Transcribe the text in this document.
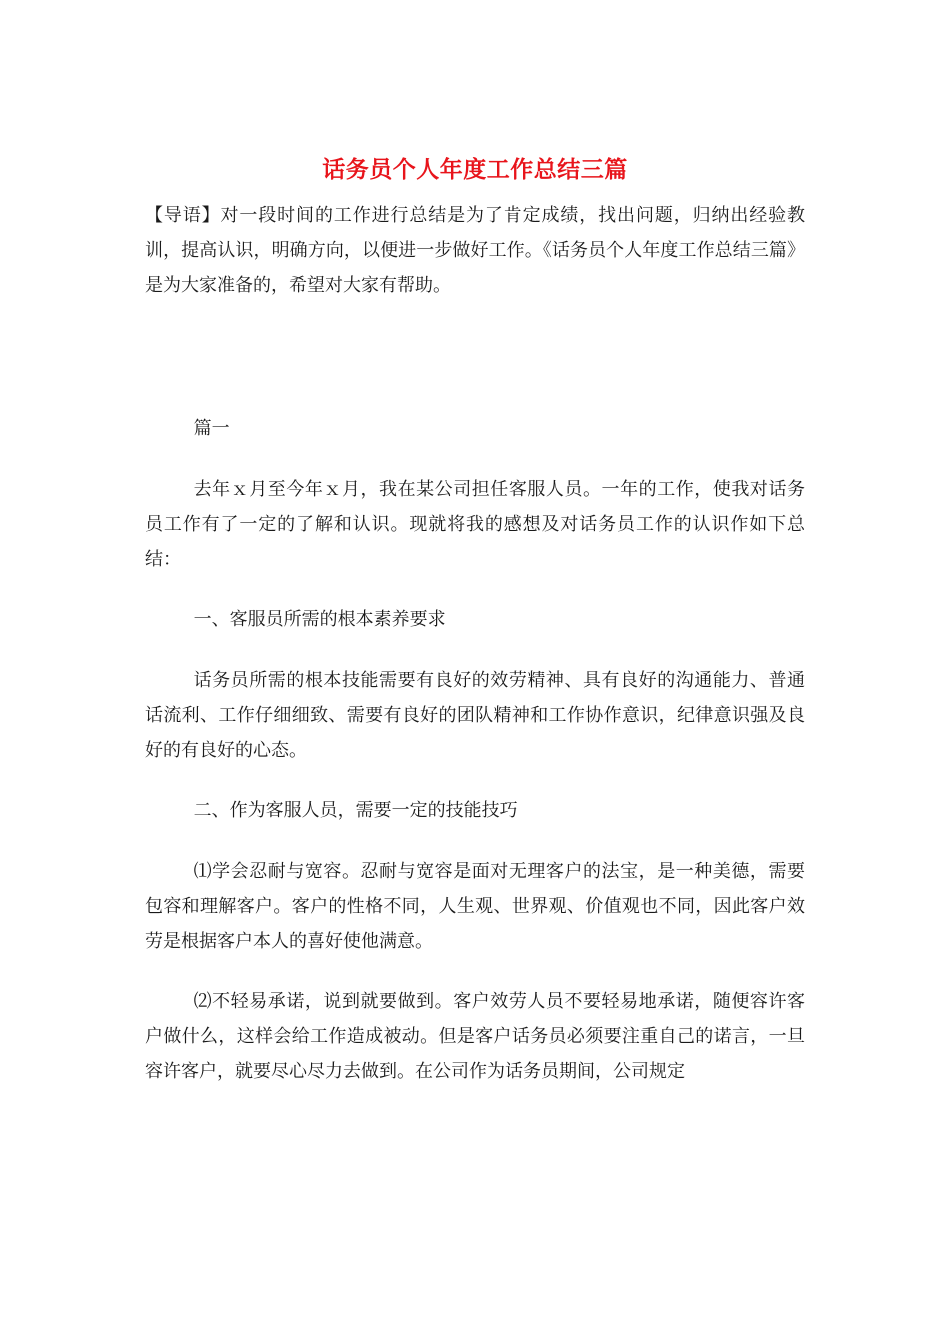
话务员个人年度工作总结三篇

【导语】对一段时间的工作进行总结是为了肯定成绩，找出问题，归纳出经验教训，提高认识，明确方向，以便进一步做好工作。《话务员个人年度工作总结三篇》是为大家准备的，希望对大家有帮助。

篇一

去年ｘ月至今年ｘ月，我在某公司担任客服人员。一年的工作，使我对话务员工作有了一定的了解和认识。现就将我的感想及对话务员工作的认识作如下总结：

一、客服员所需的根本素养要求

话务员所需的根本技能需要有良好的效劳精神、具有良好的沟通能力、普通话流利、工作仔细细致、需要有良好的团队精神和工作协作意识，纪律意识强及良好的有良好的心态。

二、作为客服人员，需要一定的技能技巧

⑴学会忍耐与宽容。忍耐与宽容是面对无理客户的法宝，是一种美德，需要包容和理解客户。客户的性格不同，人生观、世界观、价值观也不同，因此客户效劳是根据客户本人的喜好使他满意。

⑵不轻易承诺，说到就要做到。客户效劳人员不要轻易地承诺，随便容许客户做什么，这样会给工作造成被动。但是客户话务员必须要注重自己的诺言，一旦容许客户，就要尽心尽力去做到。在公司作为话务员期间，公司规定
